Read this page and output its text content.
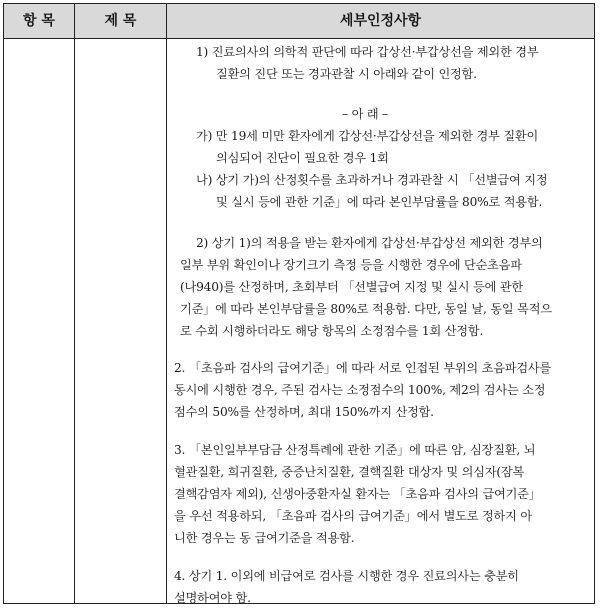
항 목	제 목	세부인정사항
1) 진료의사의 의학적 판단에 따라 갑상선·부갑상선을 제외한 경부
질환의 진단 또는 경과관찰 시 아래와 같이 인정함.
– 아 래 –
가) 만 19세 미만 환자에게 갑상선·부갑상선을 제외한 경부 질환이
의심되어 진단이 필요한 경우 1회
나) 상기 가)의 산정횟수를 초과하거나 경과관찰 시 「선별급여 지정
및 실시 등에 관한 기준」에 따라 본인부담률을 80%로 적용함.
2) 상기 1)의 적용을 받는 환자에게 갑상선·부갑상선 제외한 경부의
일부 부위 확인이나 장기크기 측정 등을 시행한 경우에 단순초음파
(나940)를 산정하며, 초회부터 「선별급여 지정 및 실시 등에 관한
기준」에 따라 본인부담률을 80%로 적용함. 다만, 동일 날, 동일 목적으
로 수회 시행하더라도 해당 항목의 소정점수를 1회 산정함.
2. 「초음파 검사의 급여기준」에 따라 서로 인접된 부위의 초음파검사를
동시에 시행한 경우, 주된 검사는 소정점수의 100%, 제2의 검사는 소정
점수의 50%를 산정하며, 최대 150%까지 산정함.
3. 「본인일부부담금 산정특례에 관한 기준」에 따른 암, 심장질환, 뇌
혈관질환, 희귀질환, 중증난치질환, 결핵질환 대상자 및 의심자(잠복
결핵감염자 제외), 신생아중환자실 환자는 「초음파 검사의 급여기준」
을 우선 적용하되, 「초음파 검사의 급여기준」에서 별도로 정하지 아
니한 경우는 동 급여기준을 적용함.
4. 상기 1. 이외에 비급여로 검사를 시행한 경우 진료의사는 충분히
설명하여야 함.
